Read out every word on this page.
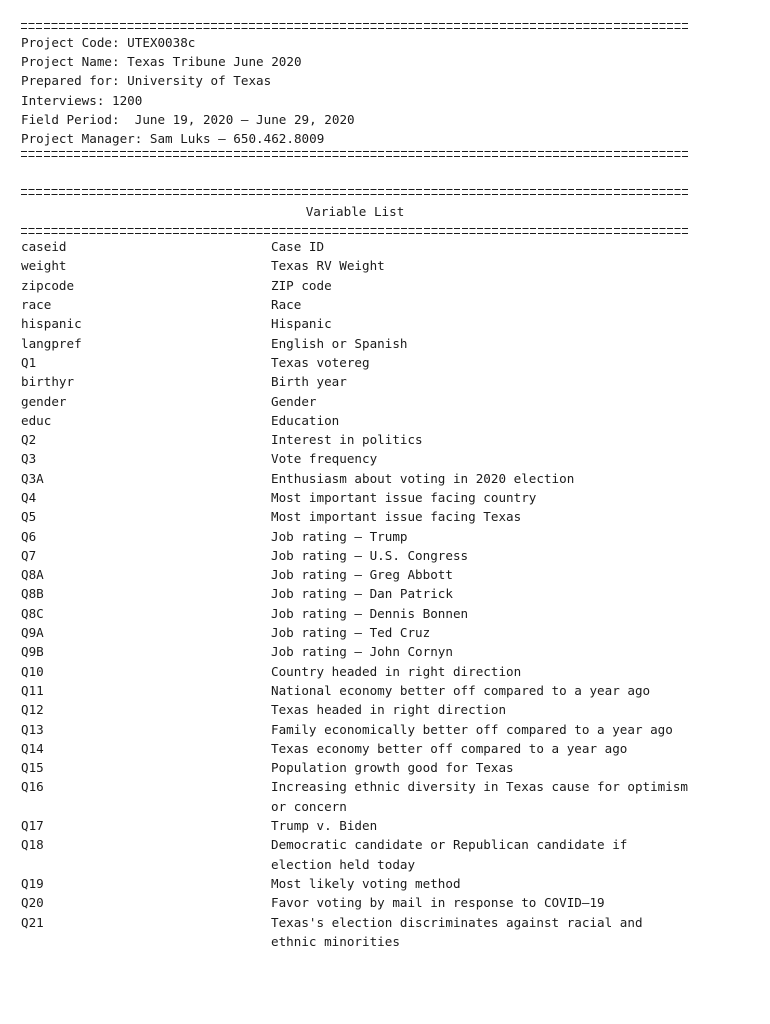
Project Code: UTEX0038c
Project Name: Texas Tribune June 2020
Prepared for: University of Texas
Interviews: 1200
Field Period:  June 19, 2020 – June 29, 2020
Project Manager: Sam Luks – 650.462.8009
Variable List
caseid	Case ID
weight	Texas RV Weight
zipcode	ZIP code
race	Race
hispanic	Hispanic
langpref	English or Spanish
Q1	Texas votereg
birthyr	Birth year
gender	Gender
educ	Education
Q2	Interest in politics
Q3	Vote frequency
Q3A	Enthusiasm about voting in 2020 election
Q4	Most important issue facing country
Q5	Most important issue facing Texas
Q6	Job rating – Trump
Q7	Job rating – U.S. Congress
Q8A	Job rating – Greg Abbott
Q8B	Job rating – Dan Patrick
Q8C	Job rating – Dennis Bonnen
Q9A	Job rating – Ted Cruz
Q9B	Job rating – John Cornyn
Q10	Country headed in right direction
Q11	National economy better off compared to a year ago
Q12	Texas headed in right direction
Q13	Family economically better off compared to a year ago
Q14	Texas economy better off compared to a year ago
Q15	Population growth good for Texas
Q16	Increasing ethnic diversity in Texas cause for optimism or concern
Q17	Trump v. Biden
Q18	Democratic candidate or Republican candidate if election held today
Q19	Most likely voting method
Q20	Favor voting by mail in response to COVID–19
Q21	Texas's election discriminates against racial and ethnic minorities
